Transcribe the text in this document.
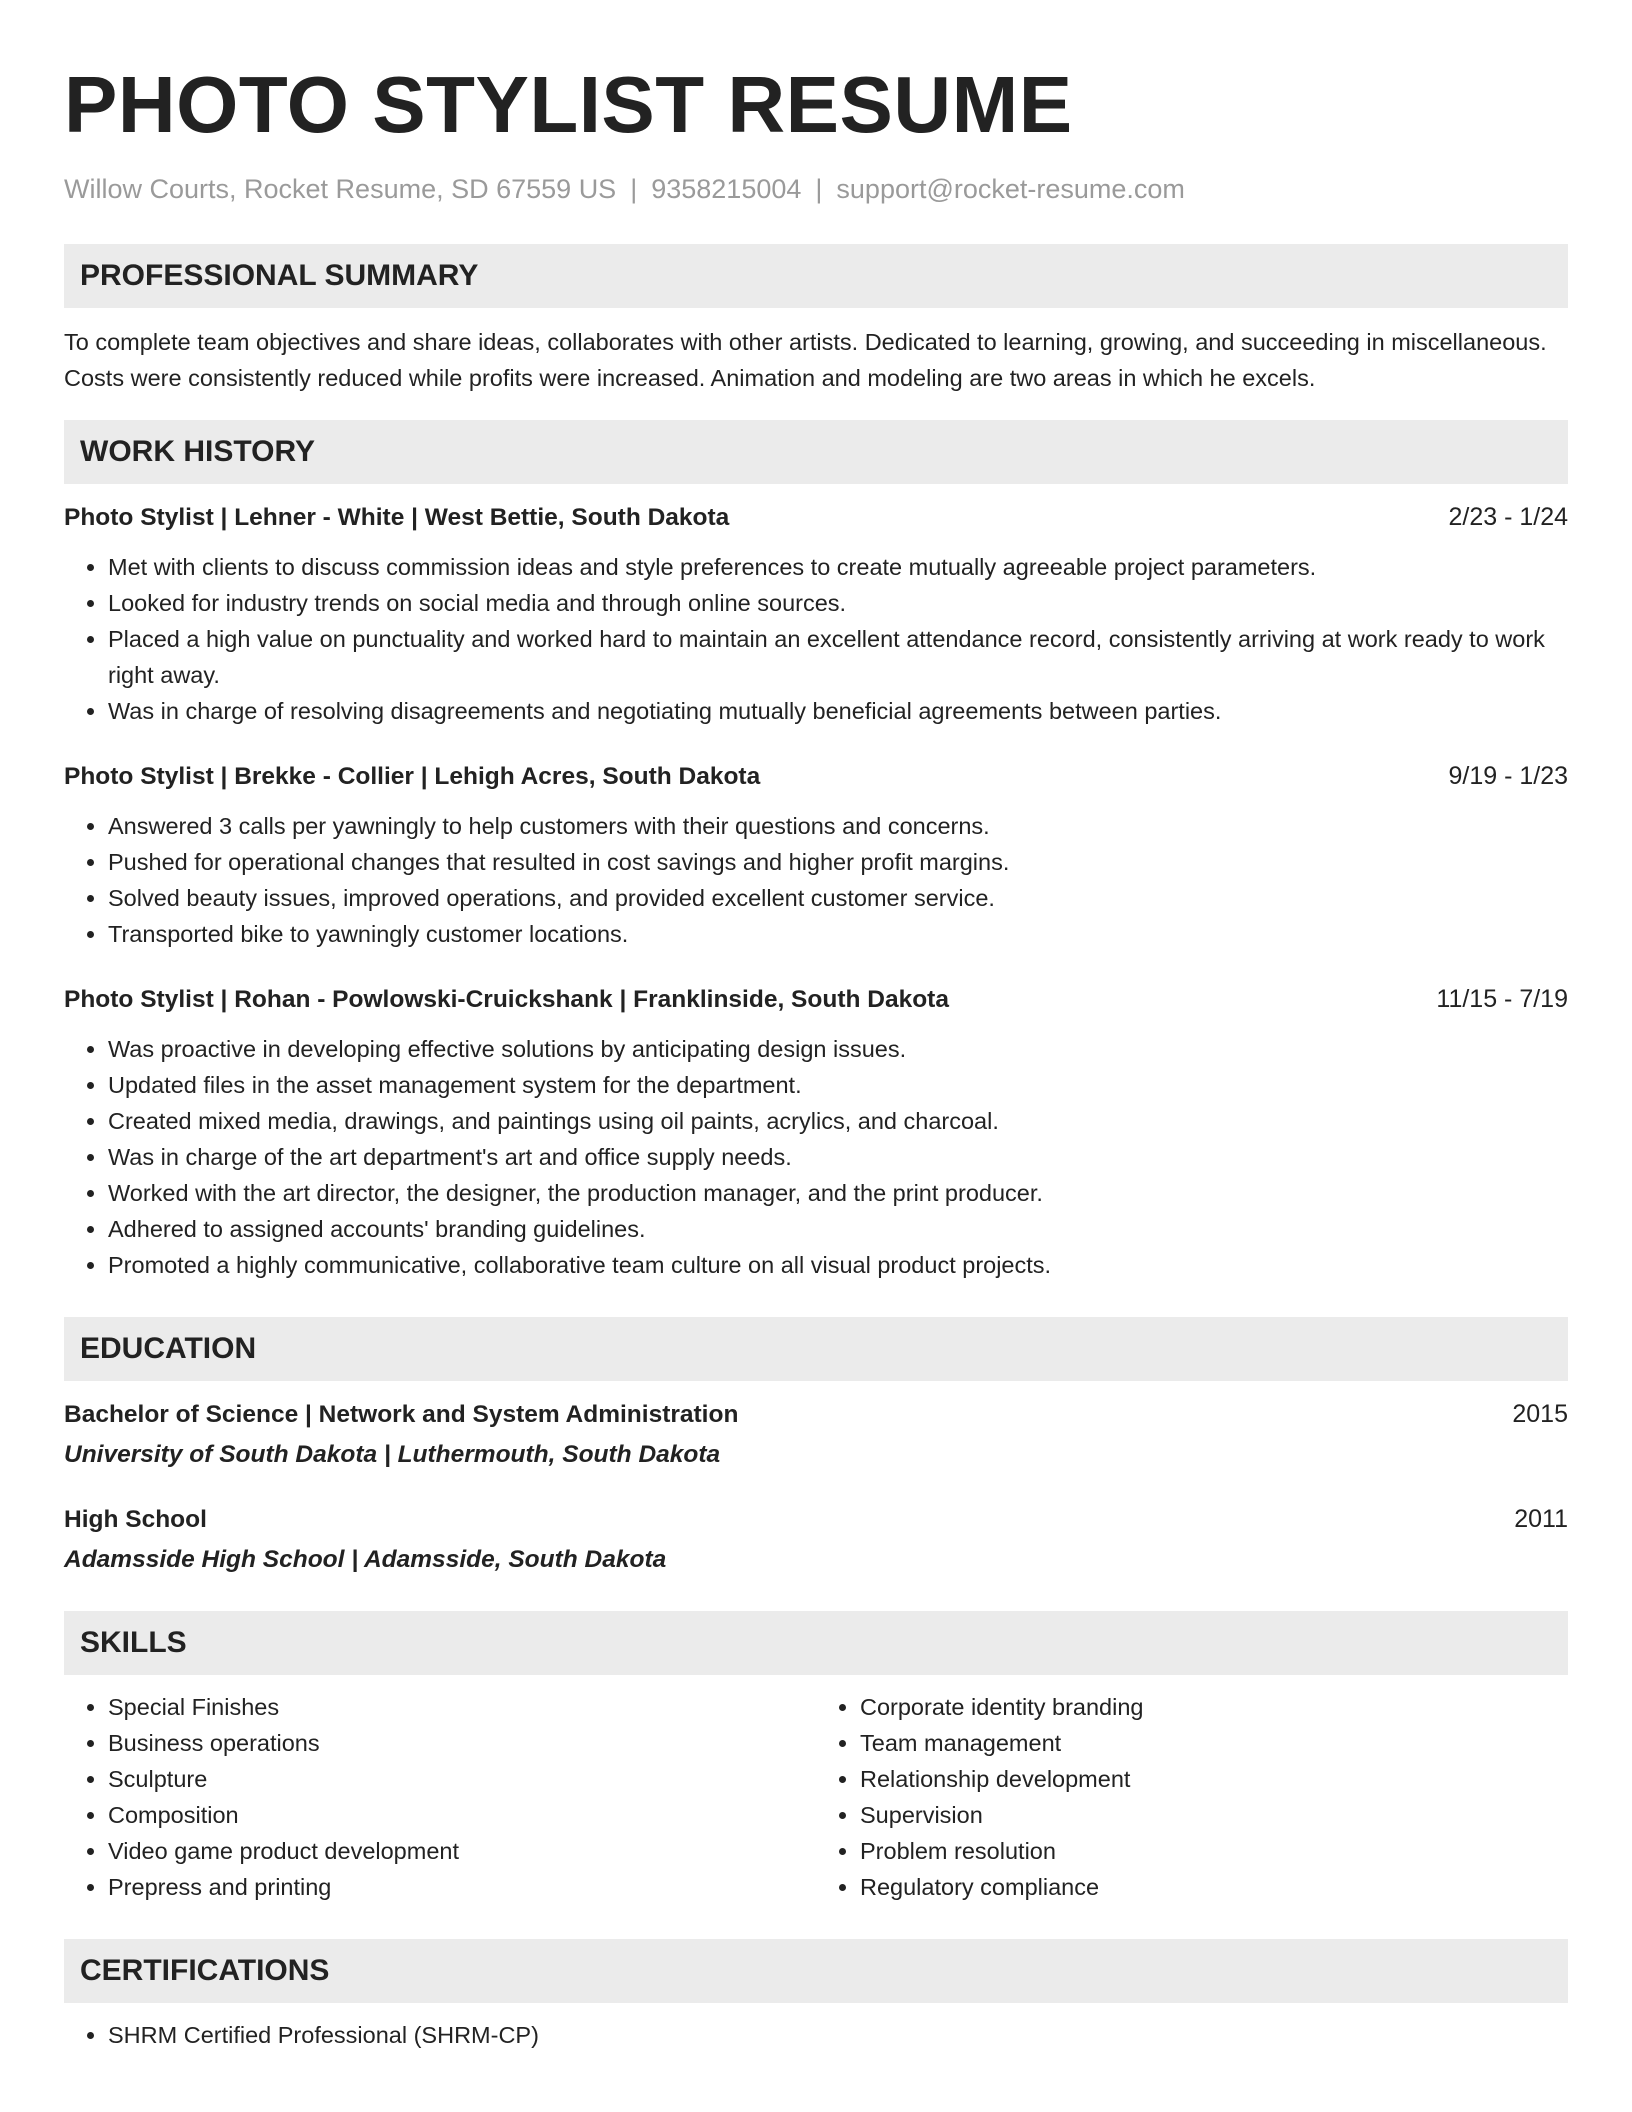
PHOTO STYLIST RESUME
Willow Courts, Rocket Resume, SD 67559 US | 9358215004 | support@rocket-resume.com
PROFESSIONAL SUMMARY

To complete team objectives and share ideas, collaborates with other artists. Dedicated to learning, growing, and succeeding in miscellaneous. Costs were consistently reduced while profits were increased. Animation and modeling are two areas in which he excels.

WORK HISTORY
Photo Stylist | Lehner - White | West Bettie, South Dakota	2/23 - 1/24
• Met with clients to discuss commission ideas and style preferences to create mutually agreeable project parameters.
• Looked for industry trends on social media and through online sources.
• Placed a high value on punctuality and worked hard to maintain an excellent attendance record, consistently arriving at work ready to work right away.
• Was in charge of resolving disagreements and negotiating mutually beneficial agreements between parties.
Photo Stylist | Brekke - Collier | Lehigh Acres, South Dakota	9/19 - 1/23
• Answered 3 calls per yawningly to help customers with their questions and concerns.
• Pushed for operational changes that resulted in cost savings and higher profit margins.
• Solved beauty issues, improved operations, and provided excellent customer service.
• Transported bike to yawningly customer locations.
Photo Stylist | Rohan - Powlowski-Cruickshank | Franklinside, South Dakota	11/15 - 7/19
• Was proactive in developing effective solutions by anticipating design issues.
• Updated files in the asset management system for the department.
• Created mixed media, drawings, and paintings using oil paints, acrylics, and charcoal.
• Was in charge of the art department's art and office supply needs.
• Worked with the art director, the designer, the production manager, and the print producer.
• Adhered to assigned accounts' branding guidelines.
• Promoted a highly communicative, collaborative team culture on all visual product projects.
EDUCATION
Bachelor of Science | Network and System Administration	2015
University of South Dakota | Luthermouth, South Dakota
High School	2011
Adamsside High School | Adamsside, South Dakota
SKILLS
• Special Finishes
• Business operations
• Sculpture
• Composition
• Video game product development
• Prepress and printing
• Corporate identity branding
• Team management
• Relationship development
• Supervision
• Problem resolution
• Regulatory compliance
CERTIFICATIONS
• SHRM Certified Professional (SHRM-CP)
